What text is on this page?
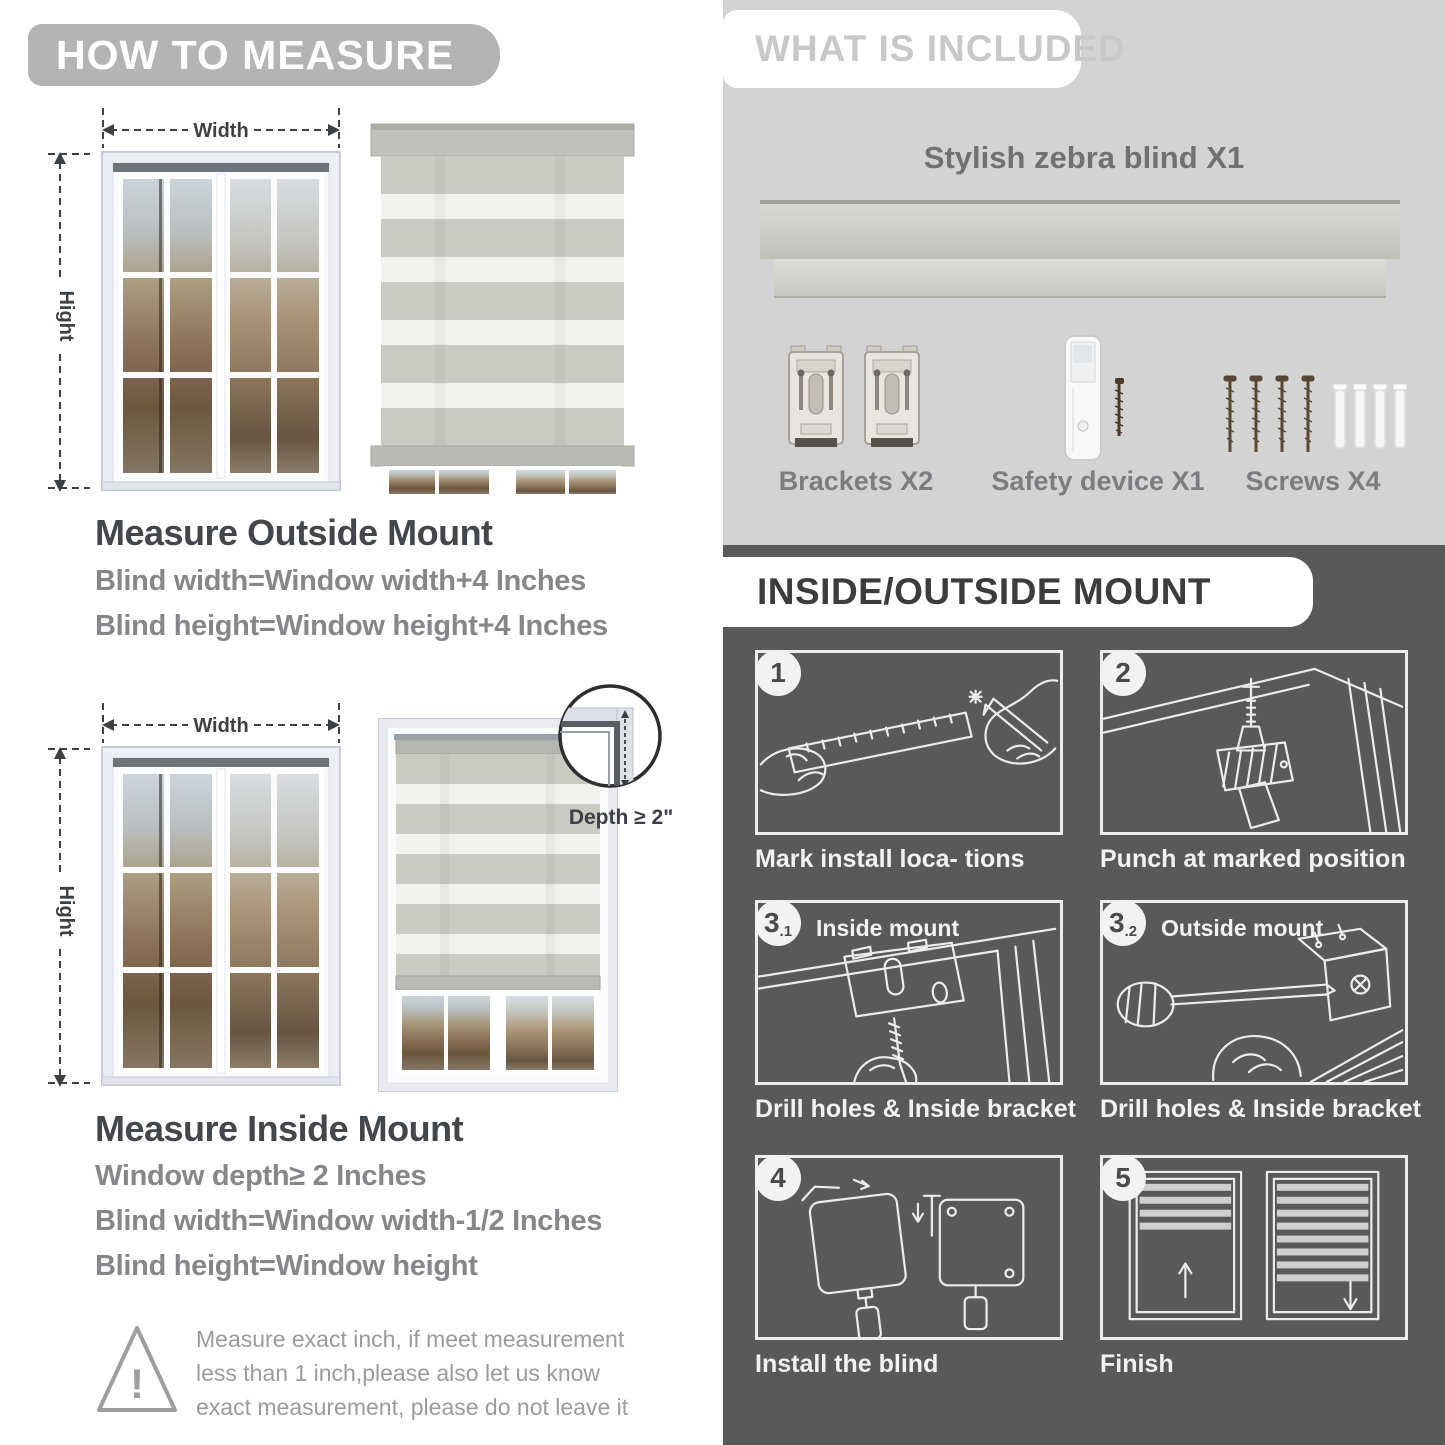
HOW TO MEASURE
Width
Hight
Measure Outside Mount
Blind width=Window width+4 Inches
Blind height=Window height+4 Inches
Width
Hight
Depth ≥ 2"
Measure Inside Mount
Window depth≥ 2 Inches
Blind width=Window width-1/2 Inches
Blind height=Window height
!
Measure exact inch, if meet measurement less than 1 inch,please also let us know exact measurement, please do not leave it
WHAT IS INCLUDED
Stylish zebra blind X1
Brackets X2	Safety device X1	Screws X4
INSIDE/OUTSIDE MOUNT
1
Mark install loca- tions
2
Punch at marked position
3 .1 Inside mount
Drill holes & Inside bracket
3 .2 Outside mount
Drill holes & Inside bracket
4
Install the blind
5
Finish
